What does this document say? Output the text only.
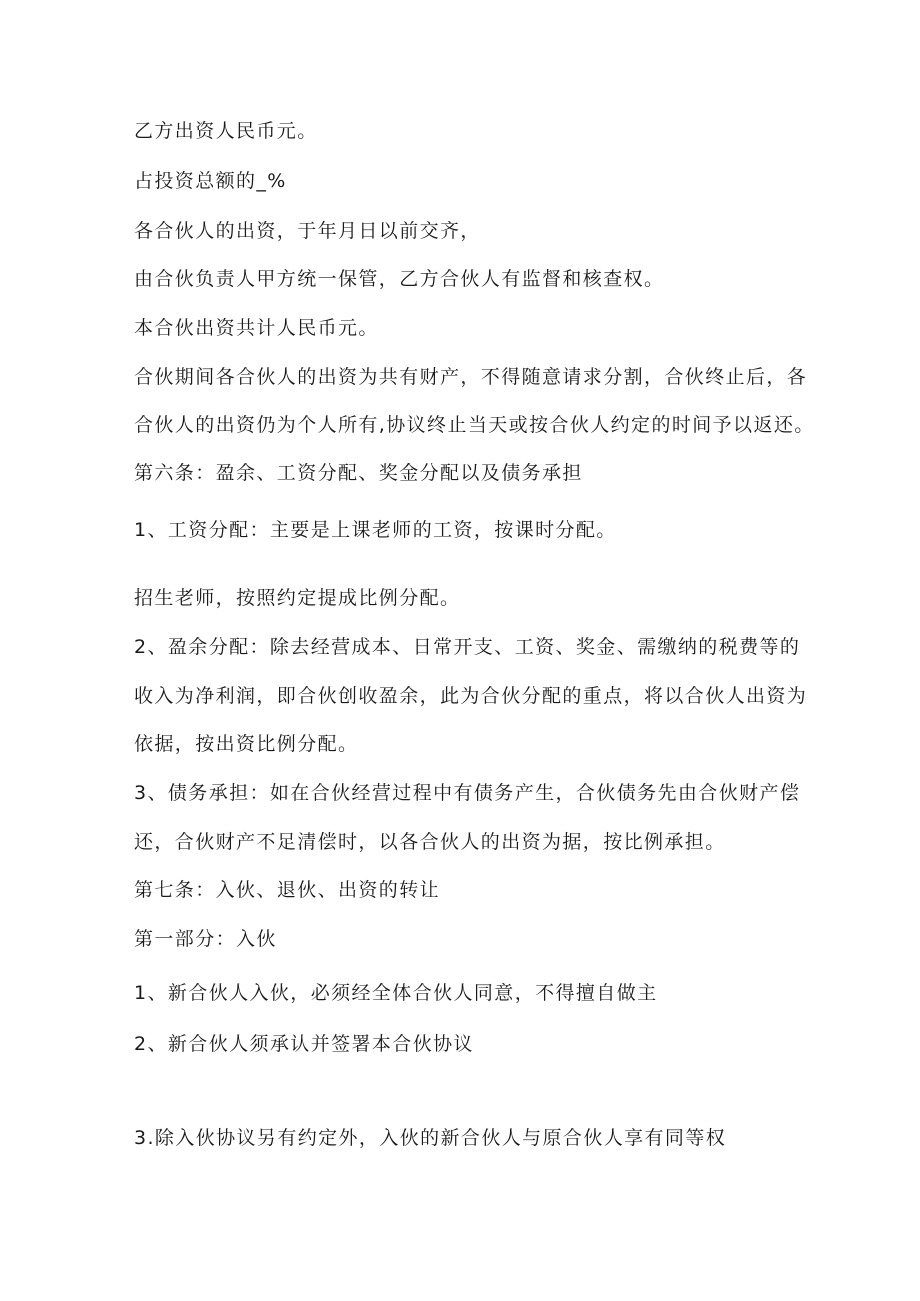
乙方出资人民币元。
占投资总额的_%
各合伙人的出资，于年月日以前交齐，
由合伙负责人甲方统一保管，乙方合伙人有监督和核查权。
本合伙出资共计人民币元。
合伙期间各合伙人的出资为共有财产，不得随意请求分割，合伙终止后，各
合伙人的出资仍为个人所有,协议终止当天或按合伙人约定的时间予以返还。
第六条：盈余、工资分配、奖金分配以及债务承担
1、工资分配：主要是上课老师的工资，按课时分配。
招生老师，按照约定提成比例分配。
2、盈余分配：除去经营成本、日常开支、工资、奖金、需缴纳的税费等的
收入为净利润，即合伙创收盈余，此为合伙分配的重点，将以合伙人出资为
依据，按出资比例分配。
3、债务承担：如在合伙经营过程中有债务产生，合伙债务先由合伙财产偿
还，合伙财产不足清偿时，以各合伙人的出资为据，按比例承担。
第七条：入伙、退伙、出资的转让
第一部分：入伙
1、新合伙人入伙，必须经全体合伙人同意，不得擅自做主
2、新合伙人须承认并签署本合伙协议
3.除入伙协议另有约定外，入伙的新合伙人与原合伙人享有同等权
